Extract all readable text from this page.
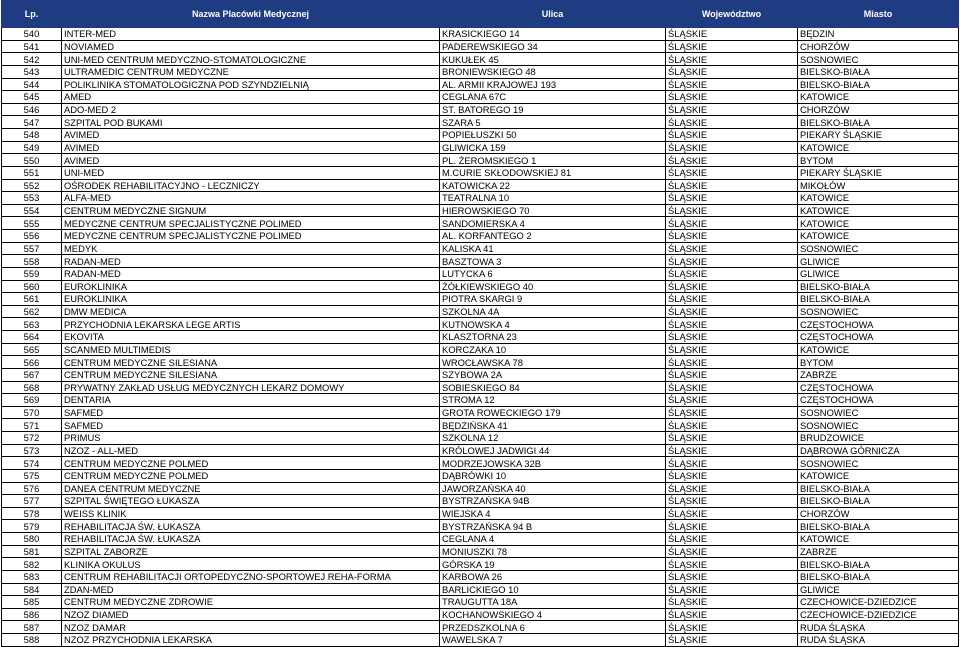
Lp.	Nazwa Placówki Medycznej	Ulica	Województwo	Miasto
540	INTER-MED	KRASICKIEGO 14	ŚLĄSKIE	BĘDZIN
541	NOVIAMED	PADEREWSKIEGO 34	ŚLĄSKIE	CHORZÓW
542	UNI-MED CENTRUM MEDYCZNO-STOMATOLOGICZNE	KUKUŁEK 45	ŚLĄSKIE	SOSNOWIEC
543	ULTRAMEDIC CENTRUM MEDYCZNE	BRONIEWSKIEGO 48	ŚLĄSKIE	BIELSKO-BIAŁA
544	POLIKLINIKA STOMATOLOGICZNA POD SZYNDZIELNIĄ	AL. ARMII KRAJOWEJ 193	ŚLĄSKIE	BIELSKO-BIAŁA
545	AMED	CEGLANA 67C	ŚLĄSKIE	KATOWICE
546	ADO-MED 2	ST. BATOREGO 19	ŚLĄSKIE	CHORZÓW
547	SZPITAL POD BUKAMI	SZARA 5	ŚLĄSKIE	BIELSKO-BIAŁA
548	AVIMED	POPIEŁUSZKI 50	ŚLĄSKIE	PIEKARY ŚLĄSKIE
549	AVIMED	GLIWICKA 159	ŚLĄSKIE	KATOWICE
550	AVIMED	PL. ŻEROMSKIEGO 1	ŚLĄSKIE	BYTOM
551	UNI-MED	M.CURIE SKŁODOWSKIEJ 81	ŚLĄSKIE	PIEKARY ŚLĄSKIE
552	OŚRODEK REHABILITACYJNO - LECZNICZY	KATOWICKA 22	ŚLĄSKIE	MIKOŁÓW
553	ALFA-MED	TEATRALNA 10	ŚLĄSKIE	KATOWICE
554	CENTRUM MEDYCZNE SIGNUM	HIEROWSKIEGO 70	ŚLĄSKIE	KATOWICE
555	MEDYCZNE CENTRUM SPECJALISTYCZNE POLIMED	SANDOMIERSKA 4	ŚLĄSKIE	KATOWICE
556	MEDYCZNE CENTRUM SPECJALISTYCZNE POLIMED	AL. KORFANTEGO 2	ŚLĄSKIE	KATOWICE
557	MEDYK	KALISKA 41	ŚLĄSKIE	SOSNOWIEC
558	RADAN-MED	BASZTOWA 3	ŚLĄSKIE	GLIWICE
559	RADAN-MED	LUTYCKA 6	ŚLĄSKIE	GLIWICE
560	EUROKLINIKA	ŻÓŁKIEWSKIEGO 40	ŚLĄSKIE	BIELSKO-BIAŁA
561	EUROKLINIKA	PIOTRA SKARGI 9	ŚLĄSKIE	BIELSKO-BIAŁA
562	DMW MEDICA	SZKOLNA 4A	ŚLĄSKIE	SOSNOWIEC
563	PRZYCHODNIA LEKARSKA LEGE ARTIS	KUTNOWSKA 4	ŚLĄSKIE	CZĘSTOCHOWA
564	EKOVITA	KLASZTORNA 23	ŚLĄSKIE	CZĘSTOCHOWA
565	SCANMED MULTIMEDIS	KORCZAKA 10	ŚLĄSKIE	KATOWICE
566	CENTRUM MEDYCZNE SILESIANA	WROCŁAWSKA 78	ŚLĄSKIE	BYTOM
567	CENTRUM MEDYCZNE SILESIANA	SZYBOWA 2A	ŚLĄSKIE	ZABRZE
568	PRYWATNY ZAKŁAD USŁUG MEDYCZNYCH LEKARZ DOMOWY	SOBIESKIEGO 84	ŚLĄSKIE	CZĘSTOCHOWA
569	DENTARIA	STROMA 12	ŚLĄSKIE	CZĘSTOCHOWA
570	SAFMED	GROTA ROWECKIEGO 179	ŚLĄSKIE	SOSNOWIEC
571	SAFMED	BĘDZIŃSKA 41	ŚLĄSKIE	SOSNOWIEC
572	PRIMUS	SZKOLNA 12	ŚLĄSKIE	BRUDZOWICE
573	NZOZ - ALL-MED	KRÓLOWEJ JADWIGI 44	ŚLĄSKIE	DĄBROWA GÓRNICZA
574	CENTRUM MEDYCZNE POLMED	MODRZEJOWSKA 32B	ŚLĄSKIE	SOSNOWIEC
575	CENTRUM MEDYCZNE POLMED	DĄBRÓWKI 10	ŚLĄSKIE	KATOWICE
576	DANEA CENTRUM MEDYCZNE	JAWORZAŃSKA 40	ŚLĄSKIE	BIELSKO-BIAŁA
577	SZPITAL ŚWIĘTEGO ŁUKASZA	BYSTRZAŃSKA 94B	ŚLĄSKIE	BIELSKO-BIAŁA
578	WEISS KLINIK	WIEJSKA 4	ŚLĄSKIE	CHORZÓW
579	REHABILITACJA ŚW. ŁUKASZA	BYSTRZAŃSKA 94 B	ŚLĄSKIE	BIELSKO-BIAŁA
580	REHABILITACJA ŚW. ŁUKASZA	CEGLANA 4	ŚLĄSKIE	KATOWICE
581	SZPITAL ZABORZE	MONIUSZKI 78	ŚLĄSKIE	ZABRZE
582	KLINIKA OKULUS	GÓRSKA 19	ŚLĄSKIE	BIELSKO-BIAŁA
583	CENTRUM REHABILITACJI ORTOPEDYCZNO-SPORTOWEJ REHA-FORMA	KARBOWA 26	ŚLĄSKIE	BIELSKO-BIAŁA
584	ZDAN-MED	BARLICKIEGO 10	ŚLĄSKIE	GLIWICE
585	CENTRUM MEDYCZNE ZDROWIE	TRAUGUTTA 18A	ŚLĄSKIE	CZECHOWICE-DZIEDZICE
586	NZOZ DIAMED	KOCHANOWSKIEGO 4	ŚLĄSKIE	CZECHOWICE-DZIEDZICE
587	NZOZ DAMAR	PRZEDSZKOLNA 6	ŚLĄSKIE	RUDA ŚLĄSKA
588	NZOZ PRZYCHODNIA LEKARSKA	WAWELSKA 7	ŚLĄSKIE	RUDA ŚLĄSKA
